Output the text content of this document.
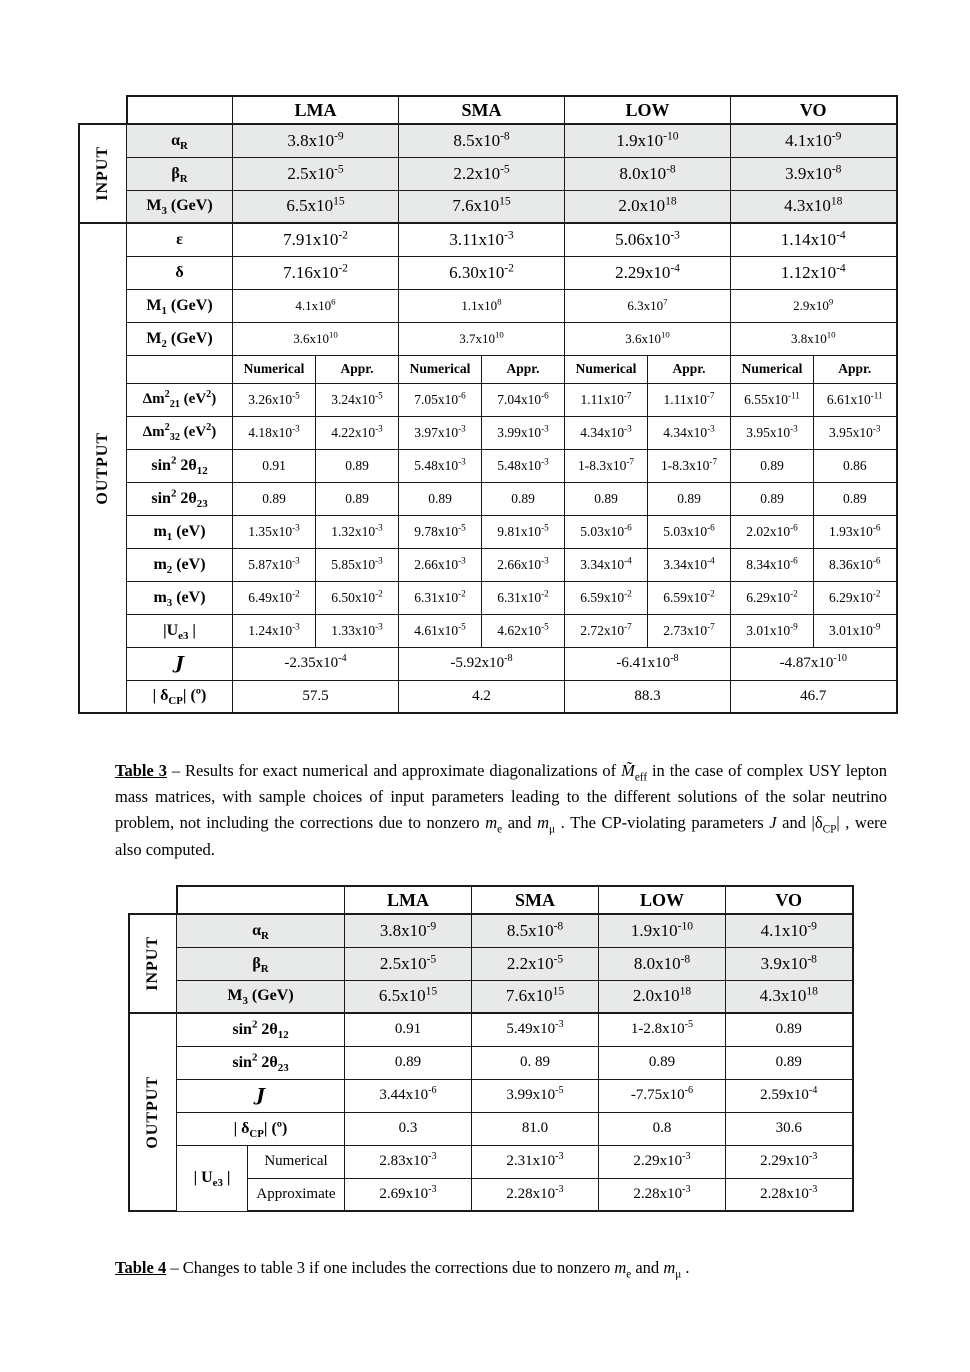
		LMA		SMA		LOW		VO	

INPUT	$\alpha_R$	$3.8x10^{-9}$		$8.5x10^{-8}$		$1.9x10^{-10}$		$4.1x10^{-9}$
	$\beta_R$	$2.5x10^{-5}$		$2.2x10^{-5}$		$8.0x10^{-8}$		$3.9x10^{-8}$
	$M_3$ (GeV)	$6.5x10^{15}$		$7.6x10^{15}$		$2.0x10^{18}$		$4.3x10^{18}$

OUTPUT	ε	$7.91x10^{-2}$		$3.11x10^{-3}$		$5.06x10^{-3}$		$1.14x10^{-4}$
	δ	$7.16x10^{-2}$		$6.30x10^{-2}$		$2.29x10^{-4}$		$1.12x10^{-4}$
	$M_1$ (GeV)	$4.1x10^6$		$1.1x10^8$		$6.3x10^7$		$2.9x10^9$
	$M_2$ (GeV)	$3.6x10^{10}$		$3.7x10^{10}$		$3.6x10^{10}$		$3.8x10^{10}$
		Numerical	Appr.	Numerical	Appr.	Numerical	Appr.	Numerical	Appr.
	$\Delta m^2_{21}$ $(eV^2)$	$3.26x10^{-5}$	$3.24x10^{-5}$	$7.05x10^{-6}$	$7.04x10^{-6}$	$1.11x10^{-7}$	$1.11x10^{-7}$	$6.55x10^{-11}$	$6.61x10^{-11}$
	$\Delta m^2_{32}$ $(eV^2)$	$4.18x10^{-3}$	$4.22x10^{-3}$	$3.97x10^{-3}$	$3.99x10^{-3}$	$4.34x10^{-3}$	$4.34x10^{-3}$	$3.95x10^{-3}$	$3.95x10^{-3}$
	$\sin^2 2\theta_{12}$	0.91	0.89	$5.48x10^{-3}$	$5.48x10^{-3}$	$1-8.3x10^{-7}$	$1-8.3x10^{-7}$	0.89	0.86
	$\sin^2 2\theta_{23}$	0.89	0.89	0.89	0.89	0.89	0.89	0.89	0.89
	$m_1$ (eV)	$1.35x10^{-3}$	$1.32x10^{-3}$	$9.78x10^{-5}$	$9.81x10^{-5}$	$5.03x10^{-6}$	$5.03x10^{-6}$	$2.02x10^{-6}$	$1.93x10^{-6}$
	$m_2$ (eV)	$5.87x10^{-3}$	$5.85x10^{-3}$	$2.66x10^{-3}$	$2.66x10^{-3}$	$3.34x10^{-4}$	$3.34x10^{-4}$	$8.34x10^{-6}$	$8.36x10^{-6}$
	$m_3$ (eV)	$6.49x10^{-2}$	$6.50x10^{-2}$	$6.31x10^{-2}$	$6.31x10^{-2}$	$6.59x10^{-2}$	$6.59x10^{-2}$	$6.29x10^{-2}$	$6.29x10^{-2}$
	$|U_{e3}$ |	$1.24x10^{-3}$	$1.33x10^{-3}$	$4.61x10^{-5}$	$4.62x10^{-5}$	$2.72x10^{-7}$	$2.73x10^{-7}$	$3.01x10^{-9}$	$3.01x10^{-9}$
	J	$-2.35x10^{-4}$		$-5.92x10^{-8}$		$-6.41x10^{-8}$		$-4.87x10^{-10}$
	| $\delta_{CP}|$ (º)	57.5		4.2		88.3		46.7	

Table 3 – Results for exact numerical and approximate diagonalizations of $M̃_{eff}$ in the case of complex USY lepton mass matrices, with sample choices of input parameters leading to the different solutions of the solar neutrino problem, not including the corrections due to nonzero $m_e$ and $m_\mu$ . The CP-violating parameters J and $|\delta_{CP}|$ , were also computed.

			LMA	SMA	LOW	VO

INPUT	$\alpha_R$		$3.8x10^{-9}$	$8.5x10^{-8}$	$1.9x10^{-10}$	$4.1x10^{-9}$
	$\beta_R$		$2.5x10^{-5}$	$2.2x10^{-5}$	$8.0x10^{-8}$	$3.9x10^{-8}$
	$M_3$ (GeV)		$6.5x10^{15}$	$7.6x10^{15}$	$2.0x10^{18}$	$4.3x10^{18}$

OUTPUT	$\sin^2 2\theta_{12}$		0.91	$5.49x10^{-3}$	$1-2.8x10^{-5}$	0.89
	$\sin^2 2\theta_{23}$		0.89	0. 89	0.89	0.89
	J		$3.44x10^{-6}$	$3.99x10^{-5}$	$-7.75x10^{-6}$	$2.59x10^{-4}$
	| $\delta_{CP}|$ (º)		0.3	81.0	0.8	30.6
	| $U_{e3}$ |	Numerical	$2.83x10^{-3}$	$2.31x10^{-3}$	$2.29x10^{-3}$	$2.29x10^{-3}$
		Approximate	$2.69x10^{-3}$	$2.28x10^{-3}$	$2.28x10^{-3}$	$2.28x10^{-3}$

Table 4 – Changes to table 3 if one includes the corrections due to nonzero $m_e$ and $m_\mu$ .
